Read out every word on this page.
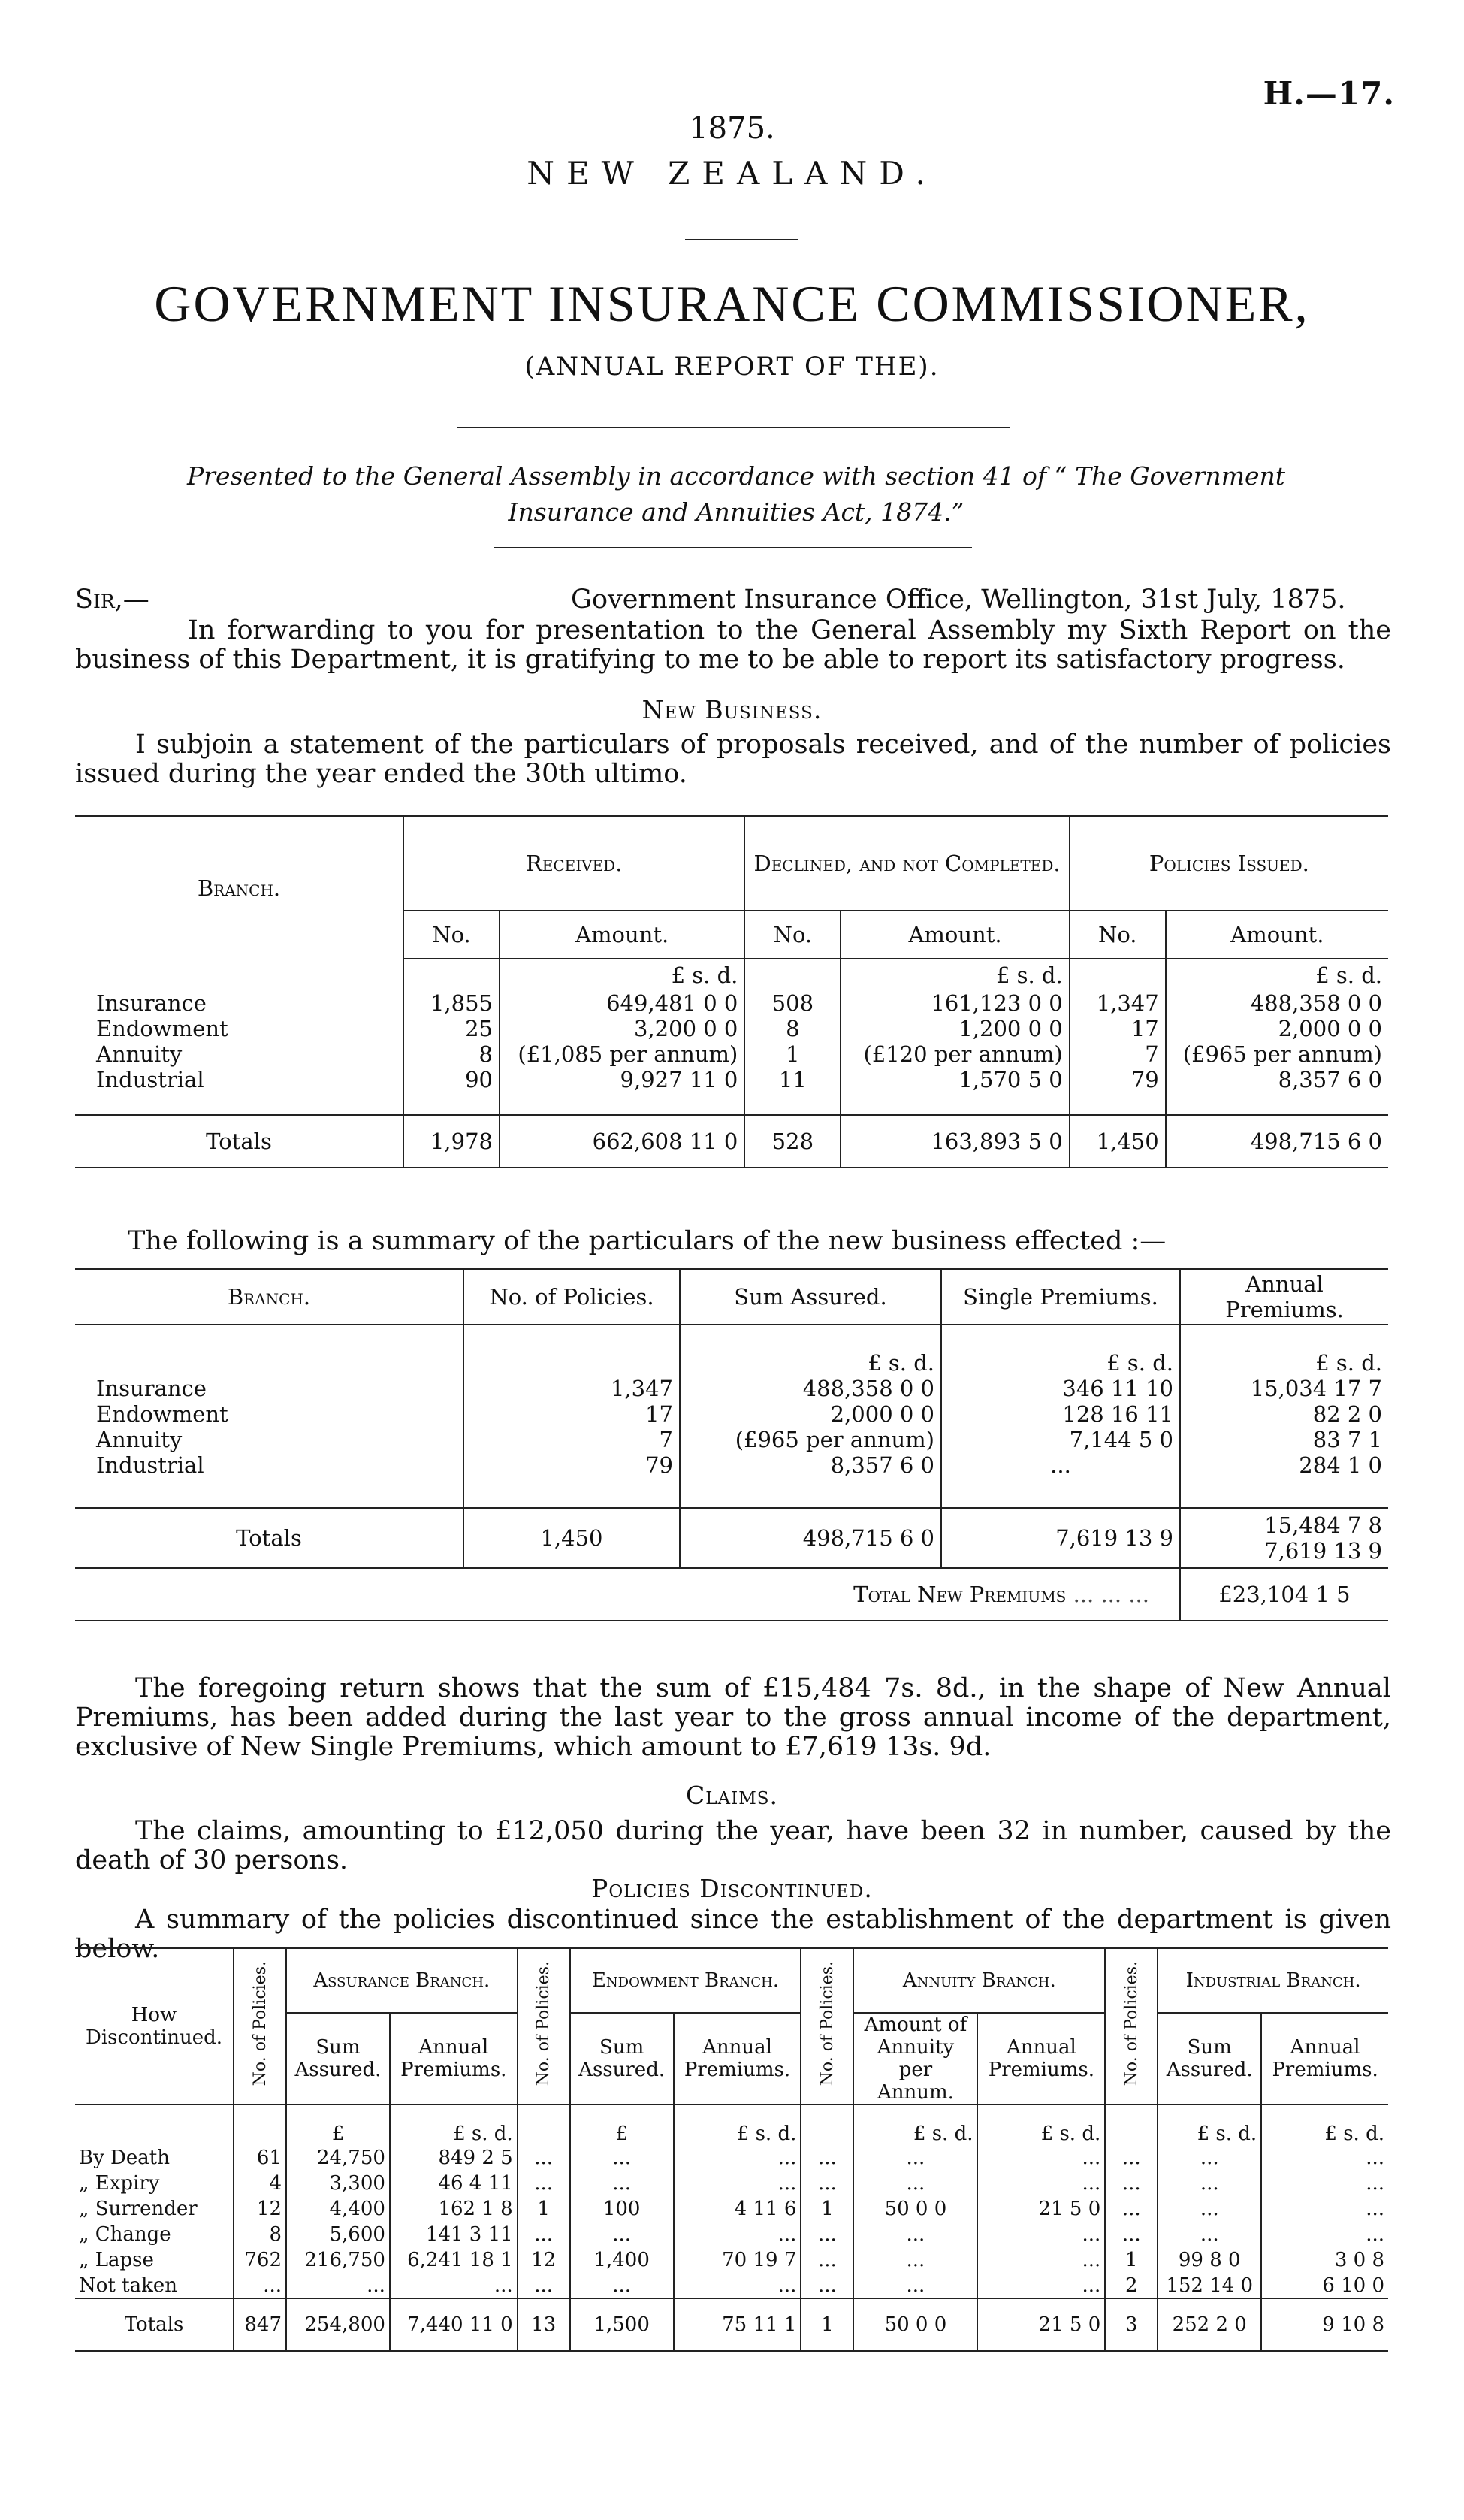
H.—17.
1875.
NEW ZEALAND.
GOVERNMENT INSURANCE COMMISSIONER,
(ANNUAL REPORT OF THE).
Presented to the General Assembly in accordance with section 41 of “ The Government
Insurance and Annuities Act, 1874.”
Sir,—	Government Insurance Office, Wellington, 31st July, 1875.
In forwarding to you for presentation to the General Assembly my Sixth Report on the business of this Department, it is gratifying to me to be able to report its satisfactory progress.
New Business.
I subjoin a statement of the particulars of proposals received, and of the number of policies issued during the year ended the 30th ultimo.
Branch.	Received.		Declined, and not Completed.		Policies Issued.	
	No.	Amount.	No.	Amount.	No.	Amount.
		£ s. d.		£ s. d.		£ s. d.
Insurance	1,855	649,481 0 0	508	161,123 0 0	1,347	488,358 0 0
Endowment	25	3,200 0 0	8	1,200 0 0	17	2,000 0 0
Annuity	8	(£1,085 per annum)	1	(£120 per annum)	7	(£965 per annum)
Industrial	90	9,927 11 0	11	1,570 5 0	79	8,357 6 0

Totals	1,978	662,608 11 0	528	163,893 5 0	1,450	498,715 6 0
The following is a summary of the particulars of the new business effected :—
Branch.	No. of Policies.	Sum Assured.	Single Premiums.	Annual Premiums.
		£ s. d.	£ s. d.	£ s. d.
Insurance	1,347	488,358 0 0	346 11 10	15,034 17 7
Endowment	17	2,000 0 0	128 16 11	82 2 0
Annuity	7	(£965 per annum)	7,144 5 0	83 7 1
Industrial	79	8,357 6 0	...	284 1 0

Totals	1,450	498,715 6 0	7,619 13 9	15,484 7 8
7,619 13 9

Total New Premiums ... ... ...				£23,104 1 5
The foregoing return shows that the sum of £15,484 7s. 8d., in the shape of New Annual Premiums, has been added during the last year to the gross annual income of the department, exclusive of New Single Premiums, which amount to £7,619 13s. 9d.
Claims.
The claims, amounting to £12,050 during the year, have been 32 in number, caused by the death of 30 persons.
Policies Discontinued.
A summary of the policies discontinued since the establishment of the department is given below.
How Discontinued.	No. of Policies.	Assurance Branch.		No. of Policies.	Endowment Branch.		No. of Policies.	Annuity Branch.		No. of Policies.	Industrial Branch.	
		Sum Assured.	Annual Premiums.		Sum Assured.	Annual Premiums.		Amount of Annuity per Annum.	Annual Premiums.		Sum Assured.	Annual Premiums.
		£	£ s. d.		£	£ s. d.		£ s. d.	£ s. d.		£ s. d.	£ s. d.
By Death	61	24,750	849 2 5	...	...	...	...	...	...	...	...	...
„ Expiry	4	3,300	46 4 11	...	...	...	...	...	...	...	...	...
„ Surrender	12	4,400	162 1 8	1	100	4 11 6	1	50 0 0	21 5 0	...	...	...
„ Change	8	5,600	141 3 11	...	...	...	...	...	...	...	...	...
„ Lapse	762	216,750	6,241 18 1	12	1,400	70 19 7	...	...	...	1	99 8 0	3 0 8
Not taken	...	...	...	...	...	...	...	...	...	2	152 14 0	6 10 0
Totals	847	254,800	7,440 11 0	13	1,500	75 11 1	1	50 0 0	21 5 0	3	252 2 0	9 10 8
